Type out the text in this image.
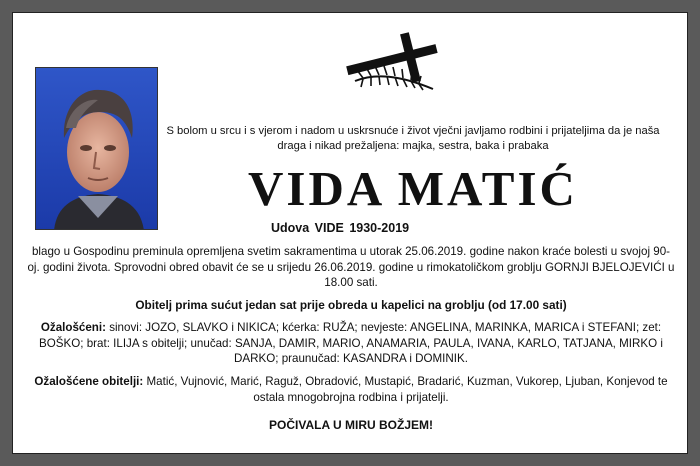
S bolom u srcu i s vjerom i nadom u uskrsnuće i život vječni javljamo rodbini i prijateljima da je naša draga i nikad prežaljena: majka, sestra, baka i prabaka
VIDA MATIĆ
Udova VIDE 1930-2019
blago u Gospodinu preminula opremljena svetim sakramentima u utorak 25.06.2019. godine nakon kraće bolesti u svojoj 90-oj. godini života. Sprovodni obred obavit će se u srijedu 26.06.2019. godine u rimokatoličkom groblju GORNJI BJELOJEVIĆI u 18.00 sati.
Obitelj prima sućut jedan sat prije obreda u kapelici na groblju (od 17.00 sati)
Ožalošćeni: sinovi: JOZO, SLAVKO i NIKICA; kćerka: RUŽA; nevjeste: ANGELINA, MARINKA, MARICA i STEFANI; zet: BOŠKO; brat: ILIJA s obitelji; unučad: SANJA, DAMIR, MARIO, ANAMARIA, PAULA, IVANA, KARLO, TATJANA, MIRKO i DARKO; praunučad: KASANDRA i DOMINIK.
Ožalošćene obitelji: Matić, Vujnović, Marić, Raguž, Obradović, Mustapić, Bradarić, Kuzman, Vukorep, Ljuban, Konjevod te ostala mnogobrojna rodbina i prijatelji.
POČIVALA U MIRU BOŽJEM!
